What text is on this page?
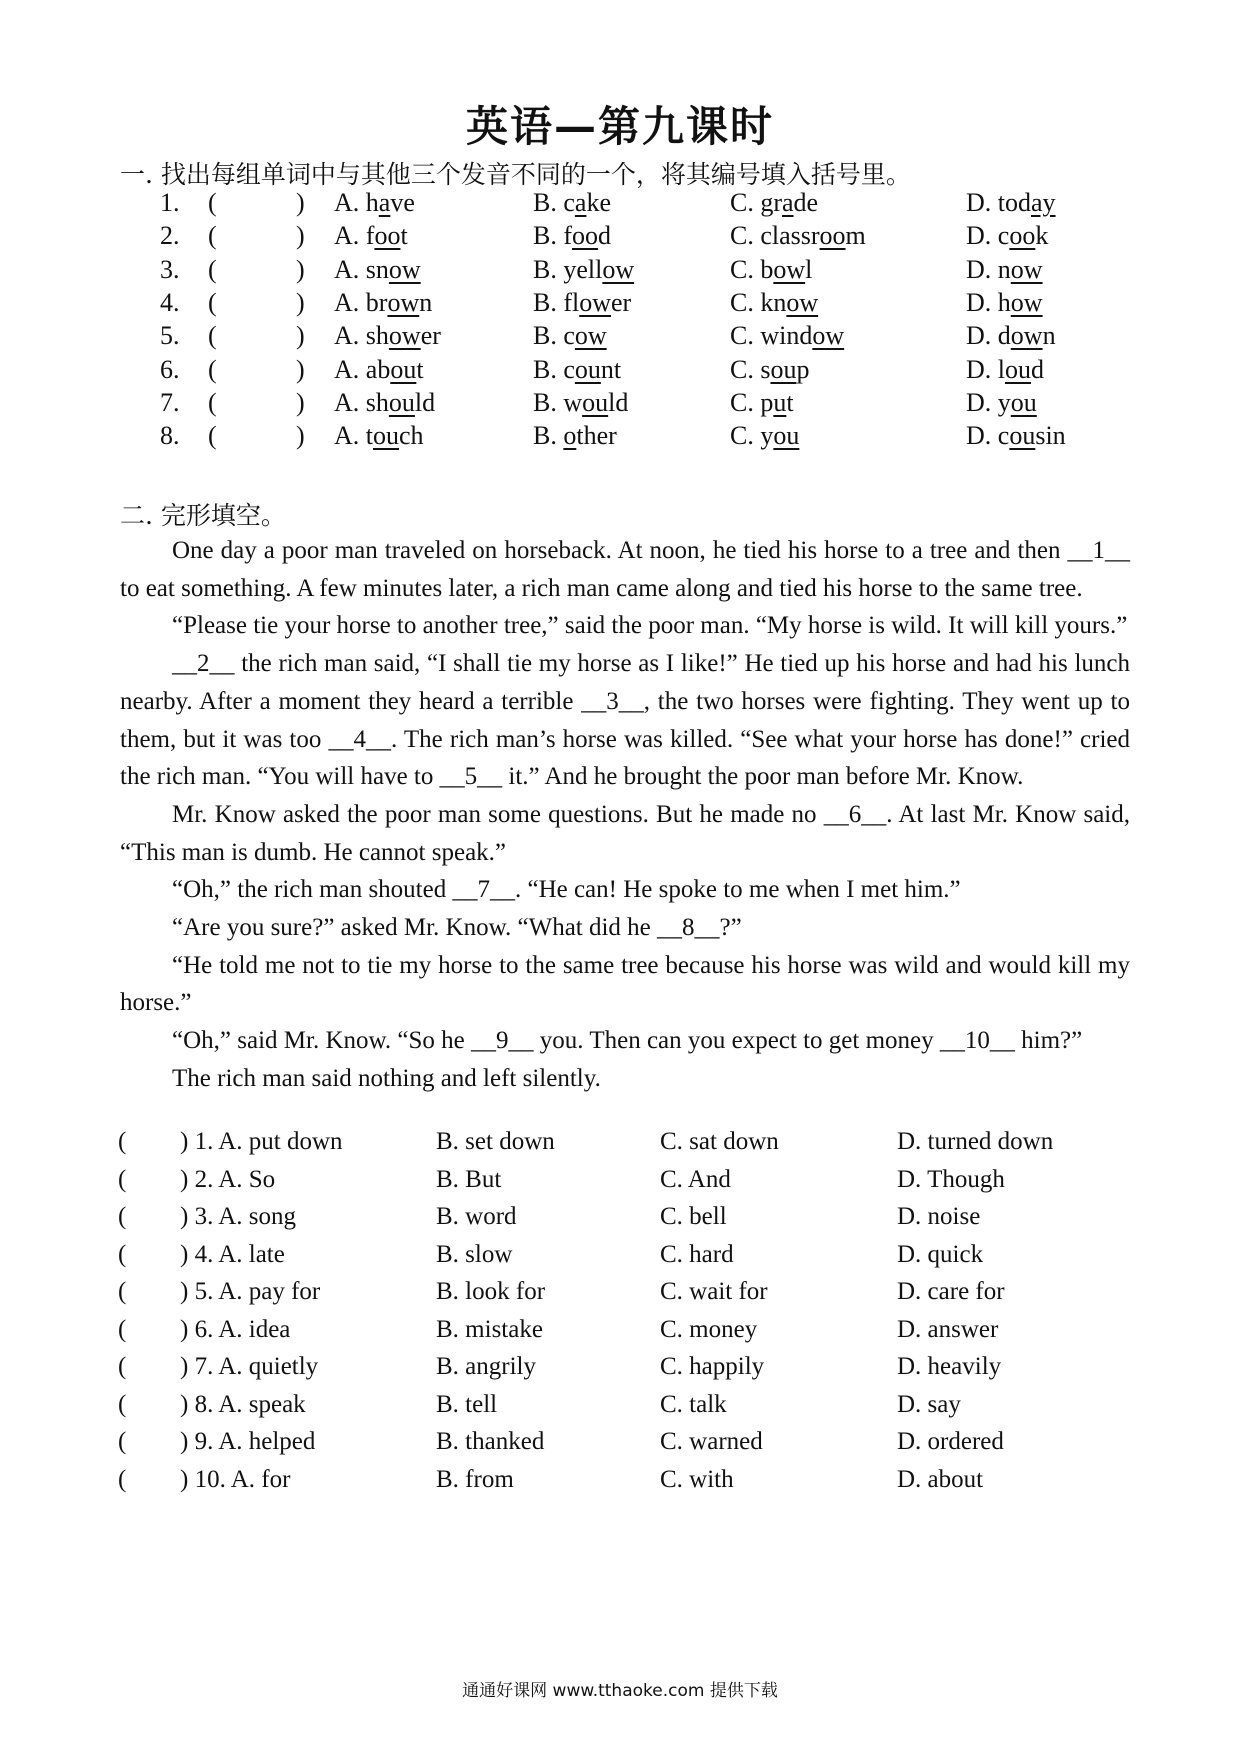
英语—第九课时
一. 找出每组单词中与其他三个发音不同的一个，将其编号填入括号里。
1. (	) A. have	B. cake	C. grade	D. today
2. (	) A. foot	B. food	C. classroom	D. cook
3. (	) A. snow	B. yellow	C. bowl	D. now
4. (	) A. brown	B. flower	C. know	D. how
5. (	) A. shower	B. cow	C. window	D. down
6. (	) A. about	B. count	C. soup	D. loud
7. (	) A. should	B. would	C. put	D. you
8. (	) A. touch	B. other	C. you	D. cousin
二. 完形填空。

One day a poor man traveled on horseback. At noon, he tied his horse to a tree and then __1__ to eat something. A few minutes later, a rich man came along and tied his horse to the same tree.

“Please tie your horse to another tree,” said the poor man. “My horse is wild. It will kill yours.”

__2__ the rich man said, “I shall tie my horse as I like!” He tied up his horse and had his lunch nearby. After a moment they heard a terrible __3__, the two horses were fighting. They went up to them, but it was too __4__. The rich man’s horse was killed. “See what your horse has done!” cried the rich man. “You will have to __5__ it.” And he brought the poor man before Mr. Know.

Mr. Know asked the poor man some questions. But he made no __6__. At last Mr. Know said, “This man is dumb. He cannot speak.”

“Oh,” the rich man shouted __7__. “He can! He spoke to me when I met him.”

“Are you sure?” asked Mr. Know. “What did he __8__?”

“He told me not to tie my horse to the same tree because his horse was wild and would kill my horse.”

“Oh,” said Mr. Know. “So he __9__ you. Then can you expect to get money __10__ him?”

The rich man said nothing and left silently.

( ) 1. A. put down	B. set down	C. sat down	D. turned down
( ) 2. A. So	B. But	C. And	D. Though
( ) 3. A. song	B. word	C. bell	D. noise
( ) 4. A. late	B. slow	C. hard	D. quick
( ) 5. A. pay for	B. look for	C. wait for	D. care for
( ) 6. A. idea	B. mistake	C. money	D. answer
( ) 7. A. quietly	B. angrily	C. happily	D. heavily
( ) 8. A. speak	B. tell	C. talk	D. say
( ) 9. A. helped	B. thanked	C. warned	D. ordered
( ) 10. A. for	B. from	C. with	D. about
通通好课网 www.tthaoke.com 提供下载
